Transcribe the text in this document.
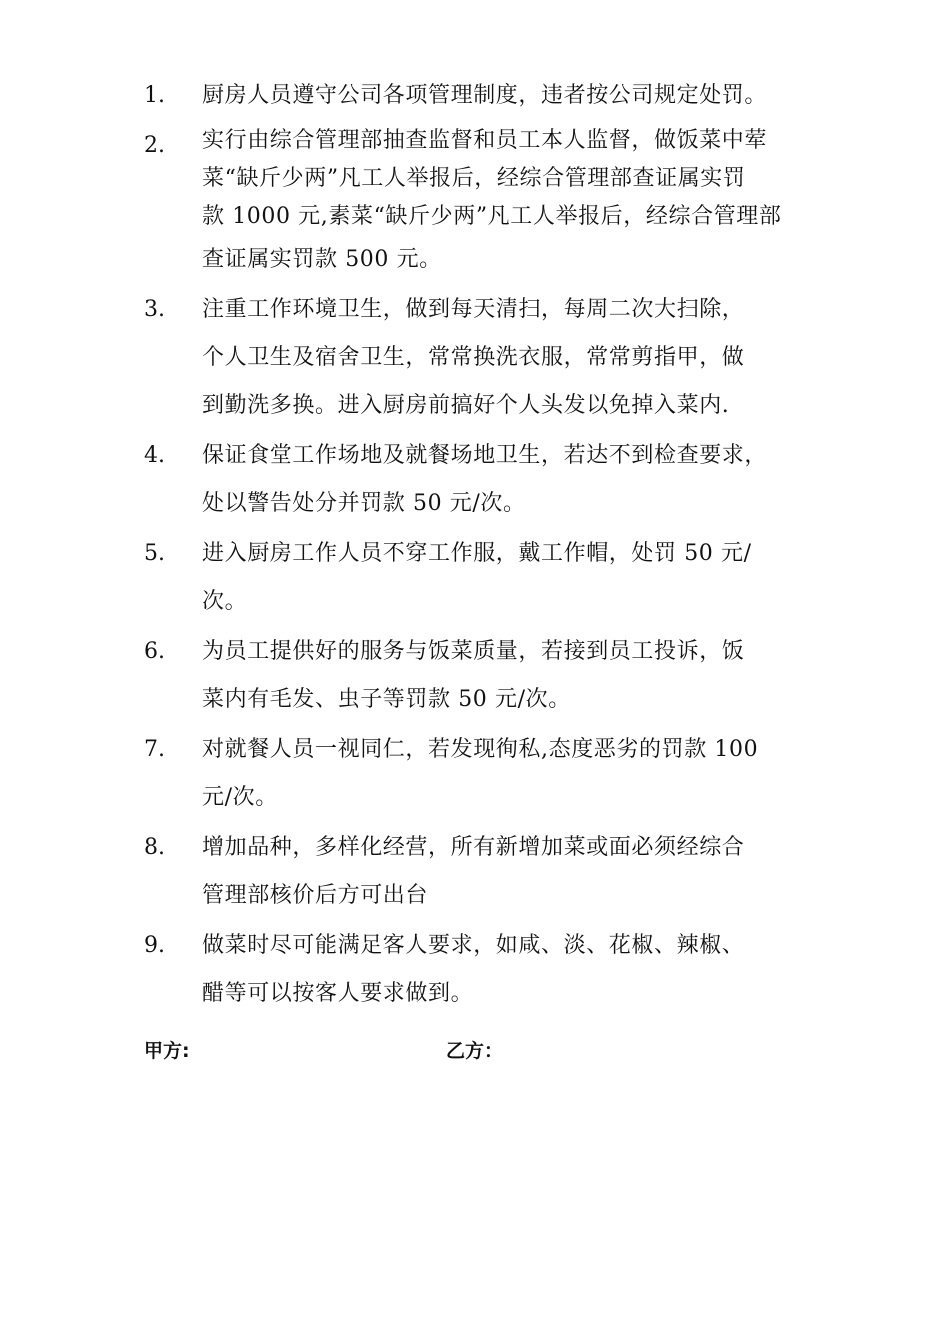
1.	厨房人员遵守公司各项管理制度，违者按公司规定处罚。
2.	实行由综合管理部抽查监督和员工本人监督，做饭菜中荤
菜“缺斤少两”凡工人举报后，经综合管理部查证属实罚
款 1000 元,素菜“缺斤少两”凡工人举报后，经综合管理部
查证属实罚款 500 元。
3.	注重工作环境卫生，做到每天清扫，每周二次大扫除，
个人卫生及宿舍卫生，常常换洗衣服，常常剪指甲，做
到勤洗多换。进入厨房前搞好个人头发以免掉入菜内.
4.	保证食堂工作场地及就餐场地卫生，若达不到检查要求，
处以警告处分并罚款 50 元/次。
5.	进入厨房工作人员不穿工作服，戴工作帽，处罚 50 元/
次。
6.	为员工提供好的服务与饭菜质量，若接到员工投诉，饭
菜内有毛发、虫子等罚款 50 元/次。
7.	对就餐人员一视同仁，若发现徇私,态度恶劣的罚款 100
元/次。
8.	增加品种，多样化经营，所有新增加菜或面必须经综合
管理部核价后方可出台
9.	做菜时尽可能满足客人要求，如咸、淡、花椒、辣椒、
醋等可以按客人要求做到。
甲方:	乙方：
